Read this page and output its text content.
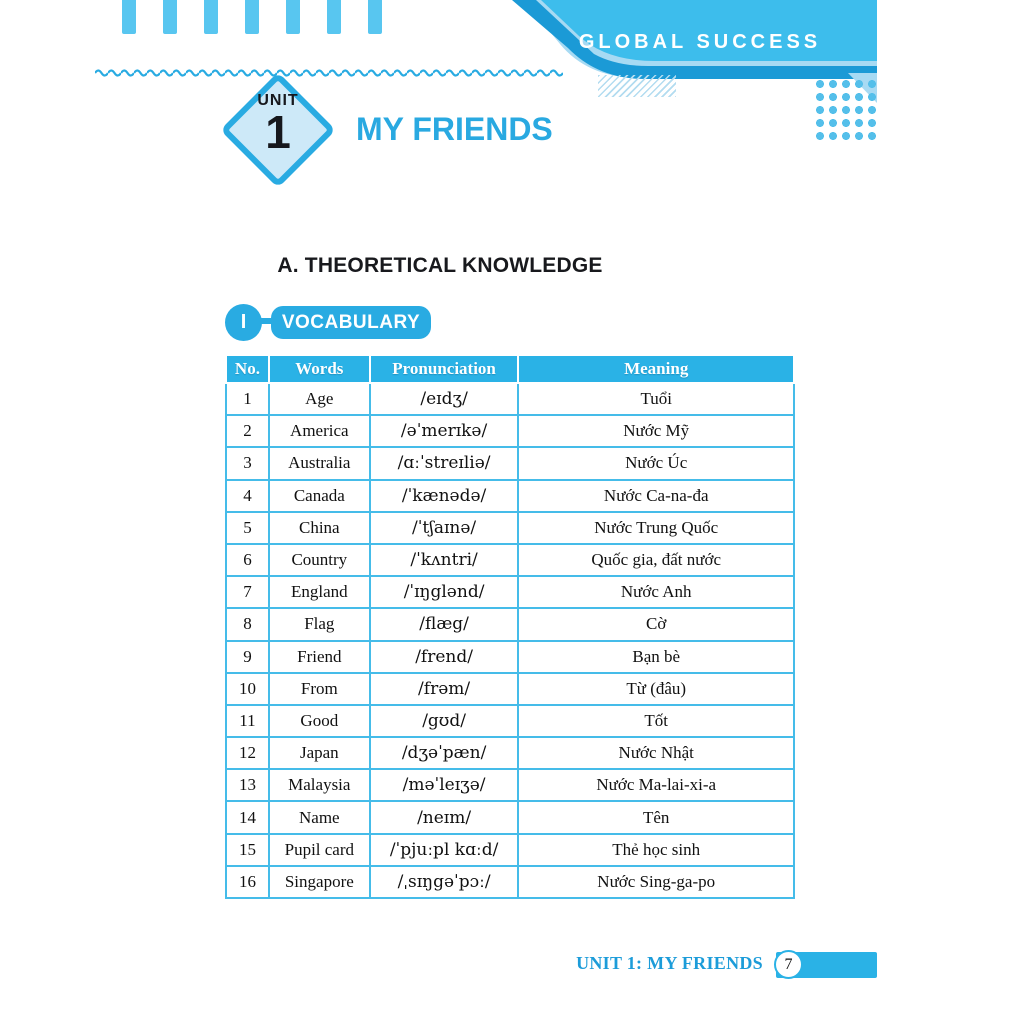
GLOBAL SUCCESS
UNIT
1	MY FRIENDS
A. THEORETICAL KNOWLEDGE
I	VOCABULARY
No.	Words	Pronunciation	Meaning
1	Age	/eɪdʒ/	Tuổi
2	America	/əˈmerɪkə/	Nước Mỹ
3	Australia	/ɑːˈstreɪliə/	Nước Úc
4	Canada	/ˈkænədə/	Nước Ca-na-đa
5	China	/ˈtʃaɪnə/	Nước Trung Quốc
6	Country	/ˈkʌntri/	Quốc gia, đất nước
7	England	/ˈɪŋglənd/	Nước Anh
8	Flag	/flæg/	Cờ
9	Friend	/frend/	Bạn bè
10	From	/frəm/	Từ (đâu)
11	Good	/gʊd/	Tốt
12	Japan	/dʒəˈpæn/	Nước Nhật
13	Malaysia	/məˈleɪʒə/	Nước Ma-lai-xi-a
14	Name	/neɪm/	Tên
15	Pupil card	/ˈpjuːpl kɑːd/	Thẻ học sinh
16	Singapore	/ˌsɪŋgəˈpɔː/	Nước Sing-ga-po
UNIT 1: MY FRIENDS	7
